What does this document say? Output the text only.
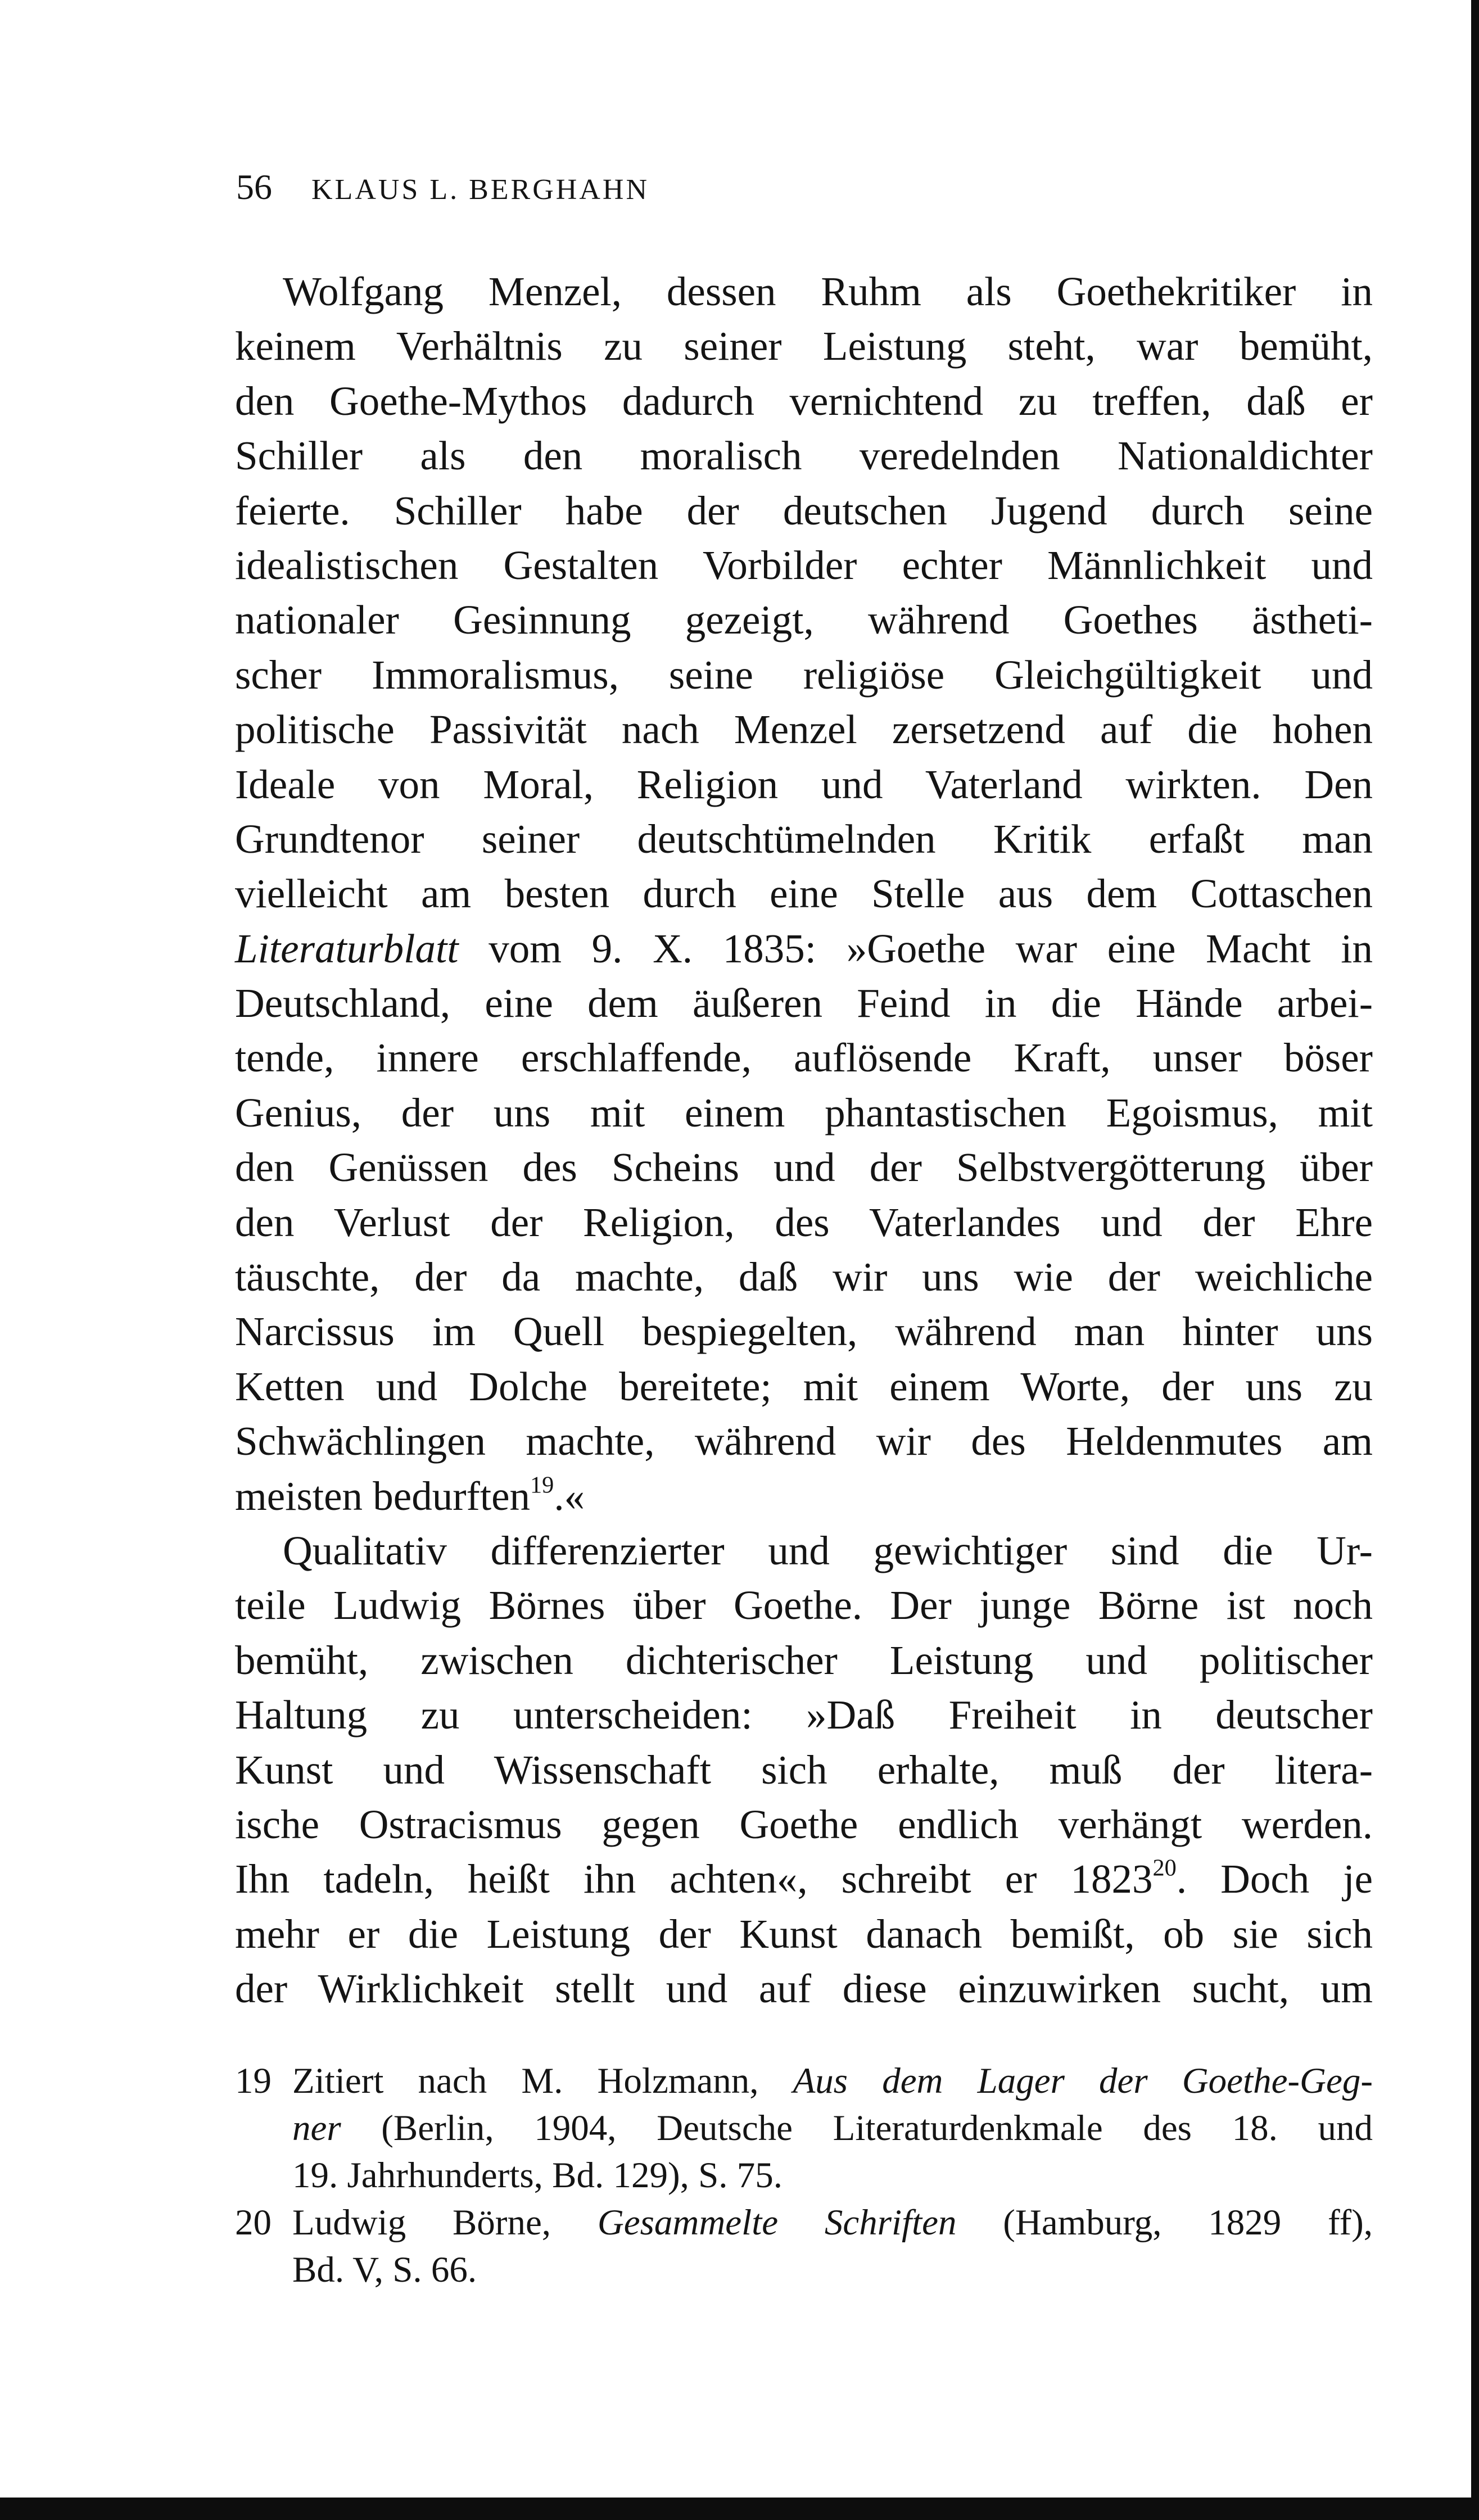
56 KLAUS L. BERGHAHN
Wolfgang Menzel, dessen Ruhm als Goethekritiker in
keinem Verhältnis zu seiner Leistung steht, war bemüht,
den Goethe-Mythos dadurch vernichtend zu treffen, daß er
Schiller als den moralisch veredelnden Nationaldichter
feierte. Schiller habe der deutschen Jugend durch seine
idealistischen Gestalten Vorbilder echter Männlichkeit und
nationaler Gesinnung gezeigt, während Goethes ästheti-
scher Immoralismus, seine religiöse Gleichgültigkeit und
politische Passivität nach Menzel zersetzend auf die hohen
Ideale von Moral, Religion und Vaterland wirkten. Den
Grundtenor seiner deutschtümelnden Kritik erfaßt man
vielleicht am besten durch eine Stelle aus dem Cottaschen
Literaturblatt vom 9. X. 1835: »Goethe war eine Macht in
Deutschland, eine dem äußeren Feind in die Hände arbei-
tende, innere erschlaffende, auflösende Kraft, unser böser
Genius, der uns mit einem phantastischen Egoismus, mit
den Genüssen des Scheins und der Selbstvergötterung über
den Verlust der Religion, des Vaterlandes und der Ehre
täuschte, der da machte, daß wir uns wie der weichliche
Narcissus im Quell bespiegelten, während man hinter uns
Ketten und Dolche bereitete; mit einem Worte, der uns zu
Schwächlingen machte, während wir des Heldenmutes am
meisten bedurften$^{19}$.«
Qualitativ differenzierter und gewichtiger sind die Ur-
teile Ludwig Börnes über Goethe. Der junge Börne ist noch
bemüht, zwischen dichterischer Leistung und politischer
Haltung zu unterscheiden: »Daß Freiheit in deutscher
Kunst und Wissenschaft sich erhalte, muß der litera-
ische Ostracismus gegen Goethe endlich verhängt werden.
Ihn tadeln, heißt ihn achten«, schreibt er 1823$^{20}$. Doch je
mehr er die Leistung der Kunst danach bemißt, ob sie sich
der Wirklichkeit stellt und auf diese einzuwirken sucht, um
19 Zitiert nach M. Holzmann, Aus dem Lager der Goethe-Geg-
ner (Berlin, 1904, Deutsche Literaturdenkmale des 18. und
19. Jahrhunderts, Bd. 129), S. 75.
20 Ludwig Börne, Gesammelte Schriften (Hamburg, 1829 ff),
Bd. V, S. 66.
